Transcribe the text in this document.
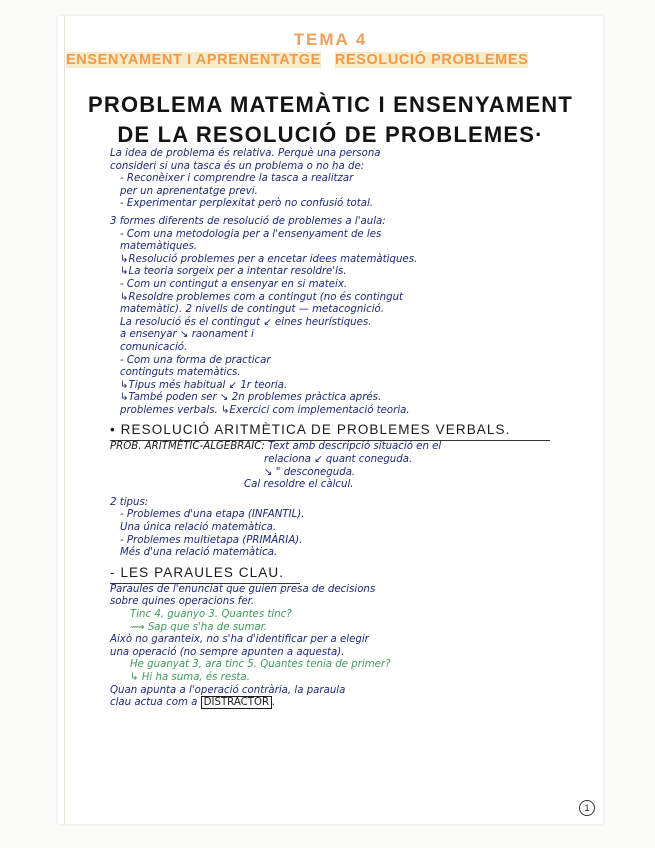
TEMA 4
ENSENYAMENT I APRENENTATGE RESOLUCIÓ PROBLEMES
PROBLEMA MATEMÀTIC I ENSENYAMENT
DE LA RESOLUCIÓ DE PROBLEMES·
La idea de problema és relativa. Perquè una persona
consideri si una tasca és un problema o no ha de:
- Reconèixer i comprendre la tasca a realitzar
per un aprenentatge previ.
- Experimentar perplexitat però no confusió total.
3 formes diferents de resolució de problemes a l'aula:
- Com una metodologia per a l'ensenyament de les
matemàtiques.
↳Resolució problemes per a encetar idees matemàtiques.
↳La teoria sorgeix per a intentar resoldre'ls.
- Com un contingut a ensenyar en si mateix.
↳Resoldre problemes com a contingut (no és contingut
matemàtic). 2 nivells de contingut — metacognició.
La resolució és el contingut ↙ eines heurístiques.
a ensenyar ↘ raonament i
comunicació.
- Com una forma de practicar
continguts matemàtics.
↳Tipus més habitual ↙ 1r teoria.
↳També poden ser ↘ 2n problemes pràctica aprés.
problemes verbals. ↳Exercici com implementació teoria.
• RESOLUCIÓ ARITMÈTICA DE PROBLEMES VERBALS.
PROB. ARITMÈTIC-ALGEBRAIC: Text amb descripció situació en el
relaciona ↙ quant coneguda.
↘ " desconeguda.
Cal resoldre el càlcul.
2 tipus:
- Problemes d'una etapa (INFANTIL).
Una única relació matemàtica.
- Problemes multietapa (PRIMÀRIA).
Més d'una relació matemàtica.
- LES PARAULES CLAU.
Paraules de l'enunciat que guien presa de decisions
sobre quines operacions fer.
Tinc 4, guanyo 3. Quantes tinc?
⟿ Sap que s'ha de sumar.
Això no garanteix, no s'ha d'identificar per a elegir
una operació (no sempre apunten a aquesta).
He guanyat 3, ara tinc 5. Quantes tenia de primer?
↳ Hi ha suma, és resta.
Quan apunta a l'operació contrària, la paraula
clau actua com a DISTRACTOR .
1
